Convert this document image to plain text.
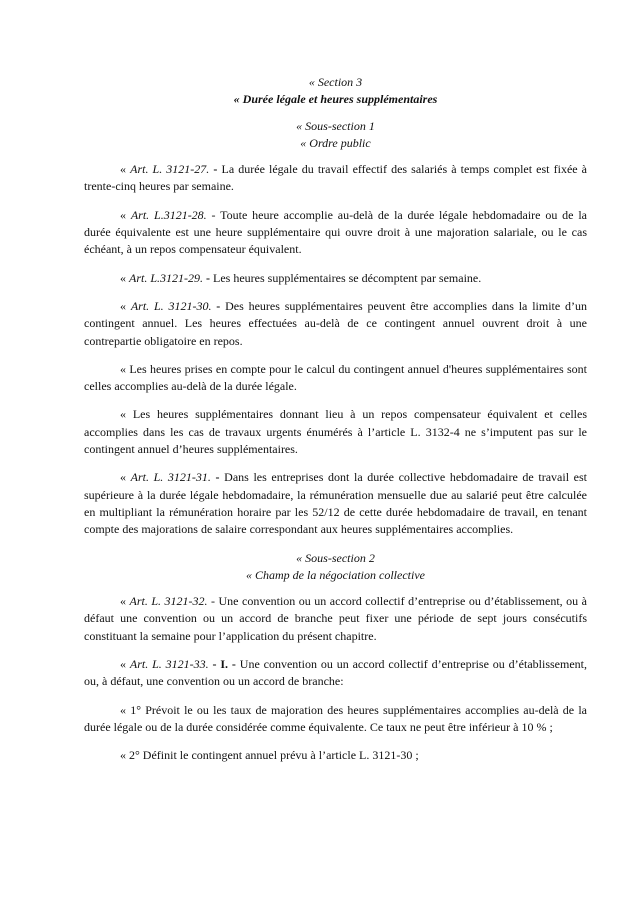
« Section 3

« Durée légale et heures supplémentaires

« Sous-section 1

« Ordre public

« Art. L. 3121-27. - La durée légale du travail effectif des salariés à temps complet est fixée à trente-cinq heures par semaine.

« Art. L.3121-28. - Toute heure accomplie au-delà de la durée légale hebdomadaire ou de la durée équivalente est une heure supplémentaire qui ouvre droit à une majoration salariale, ou le cas échéant, à un repos compensateur équivalent.

« Art. L.3121-29. - Les heures supplémentaires se décomptent par semaine.

« Art. L. 3121-30. - Des heures supplémentaires peuvent être accomplies dans la limite d’un contingent annuel. Les heures effectuées au-delà de ce contingent annuel ouvrent droit à une contrepartie obligatoire en repos.

« Les heures prises en compte pour le calcul du contingent annuel d'heures supplémentaires sont celles accomplies au-delà de la durée légale.

« Les heures supplémentaires donnant lieu à un repos compensateur équivalent et celles accomplies dans les cas de travaux urgents énumérés à l’article L. 3132-4 ne s’imputent pas sur le contingent annuel d’heures supplémentaires.

« Art. L. 3121-31. - Dans les entreprises dont la durée collective hebdomadaire de travail est supérieure à la durée légale hebdomadaire, la rémunération mensuelle due au salarié peut être calculée en multipliant la rémunération horaire par les 52/12 de cette durée hebdomadaire de travail, en tenant compte des majorations de salaire correspondant aux heures supplémentaires accomplies.

« Sous-section 2

« Champ de la négociation collective

« Art. L. 3121-32. - Une convention ou un accord collectif d’entreprise ou d’établissement, ou à défaut une convention ou un accord de branche peut fixer une période de sept jours consécutifs constituant la semaine pour l’application du présent chapitre.

« Art. L. 3121-33. - I. - Une convention ou un accord collectif d’entreprise ou d’établissement, ou, à défaut, une convention ou un accord de branche:

« 1° Prévoit le ou les taux de majoration des heures supplémentaires accomplies au-delà de la durée légale ou de la durée considérée comme équivalente. Ce taux ne peut être inférieur à 10 % ;

« 2° Définit le contingent annuel prévu à l’article L. 3121-30 ;
